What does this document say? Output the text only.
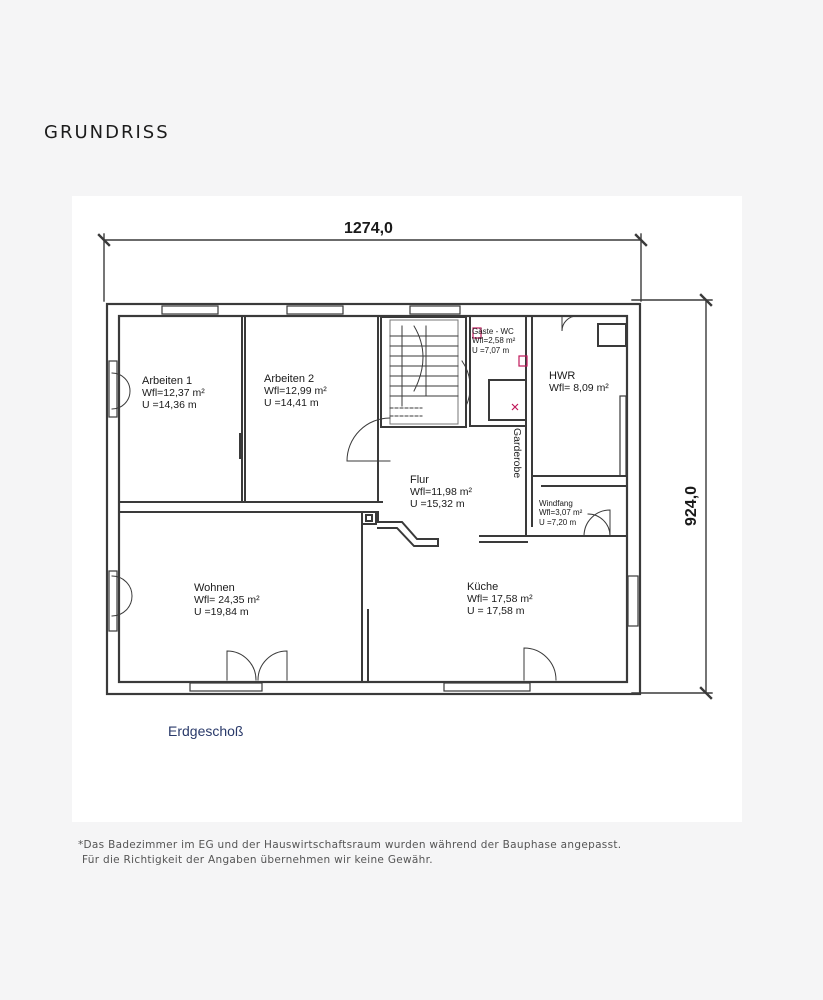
GRUNDRISS
1274,0
924,0
Arbeiten 1
Wfl=12,37 m²
U =14,36 m
Arbeiten 2
Wfl=12,99 m²
U =14,41 m
Gäste - WC
Wfl=2,58 m²
U =7,07 m
HWR
Wfl= 8,09 m²
Flur
Wfl=11,98 m²
U =15,32 m
Garderobe
Windfang
Wfl=3,07 m²
U =7,20 m
Wohnen
Wfl= 24,35 m²
U =19,84 m
Küche
Wfl= 17,58 m²
U = 17,58 m
Erdgeschoß
*Das Badezimmer im EG und der Hauswirtschaftsraum wurden während der Bauphase angepasst.
Für die Richtigkeit der Angaben übernehmen wir keine Gewähr.
